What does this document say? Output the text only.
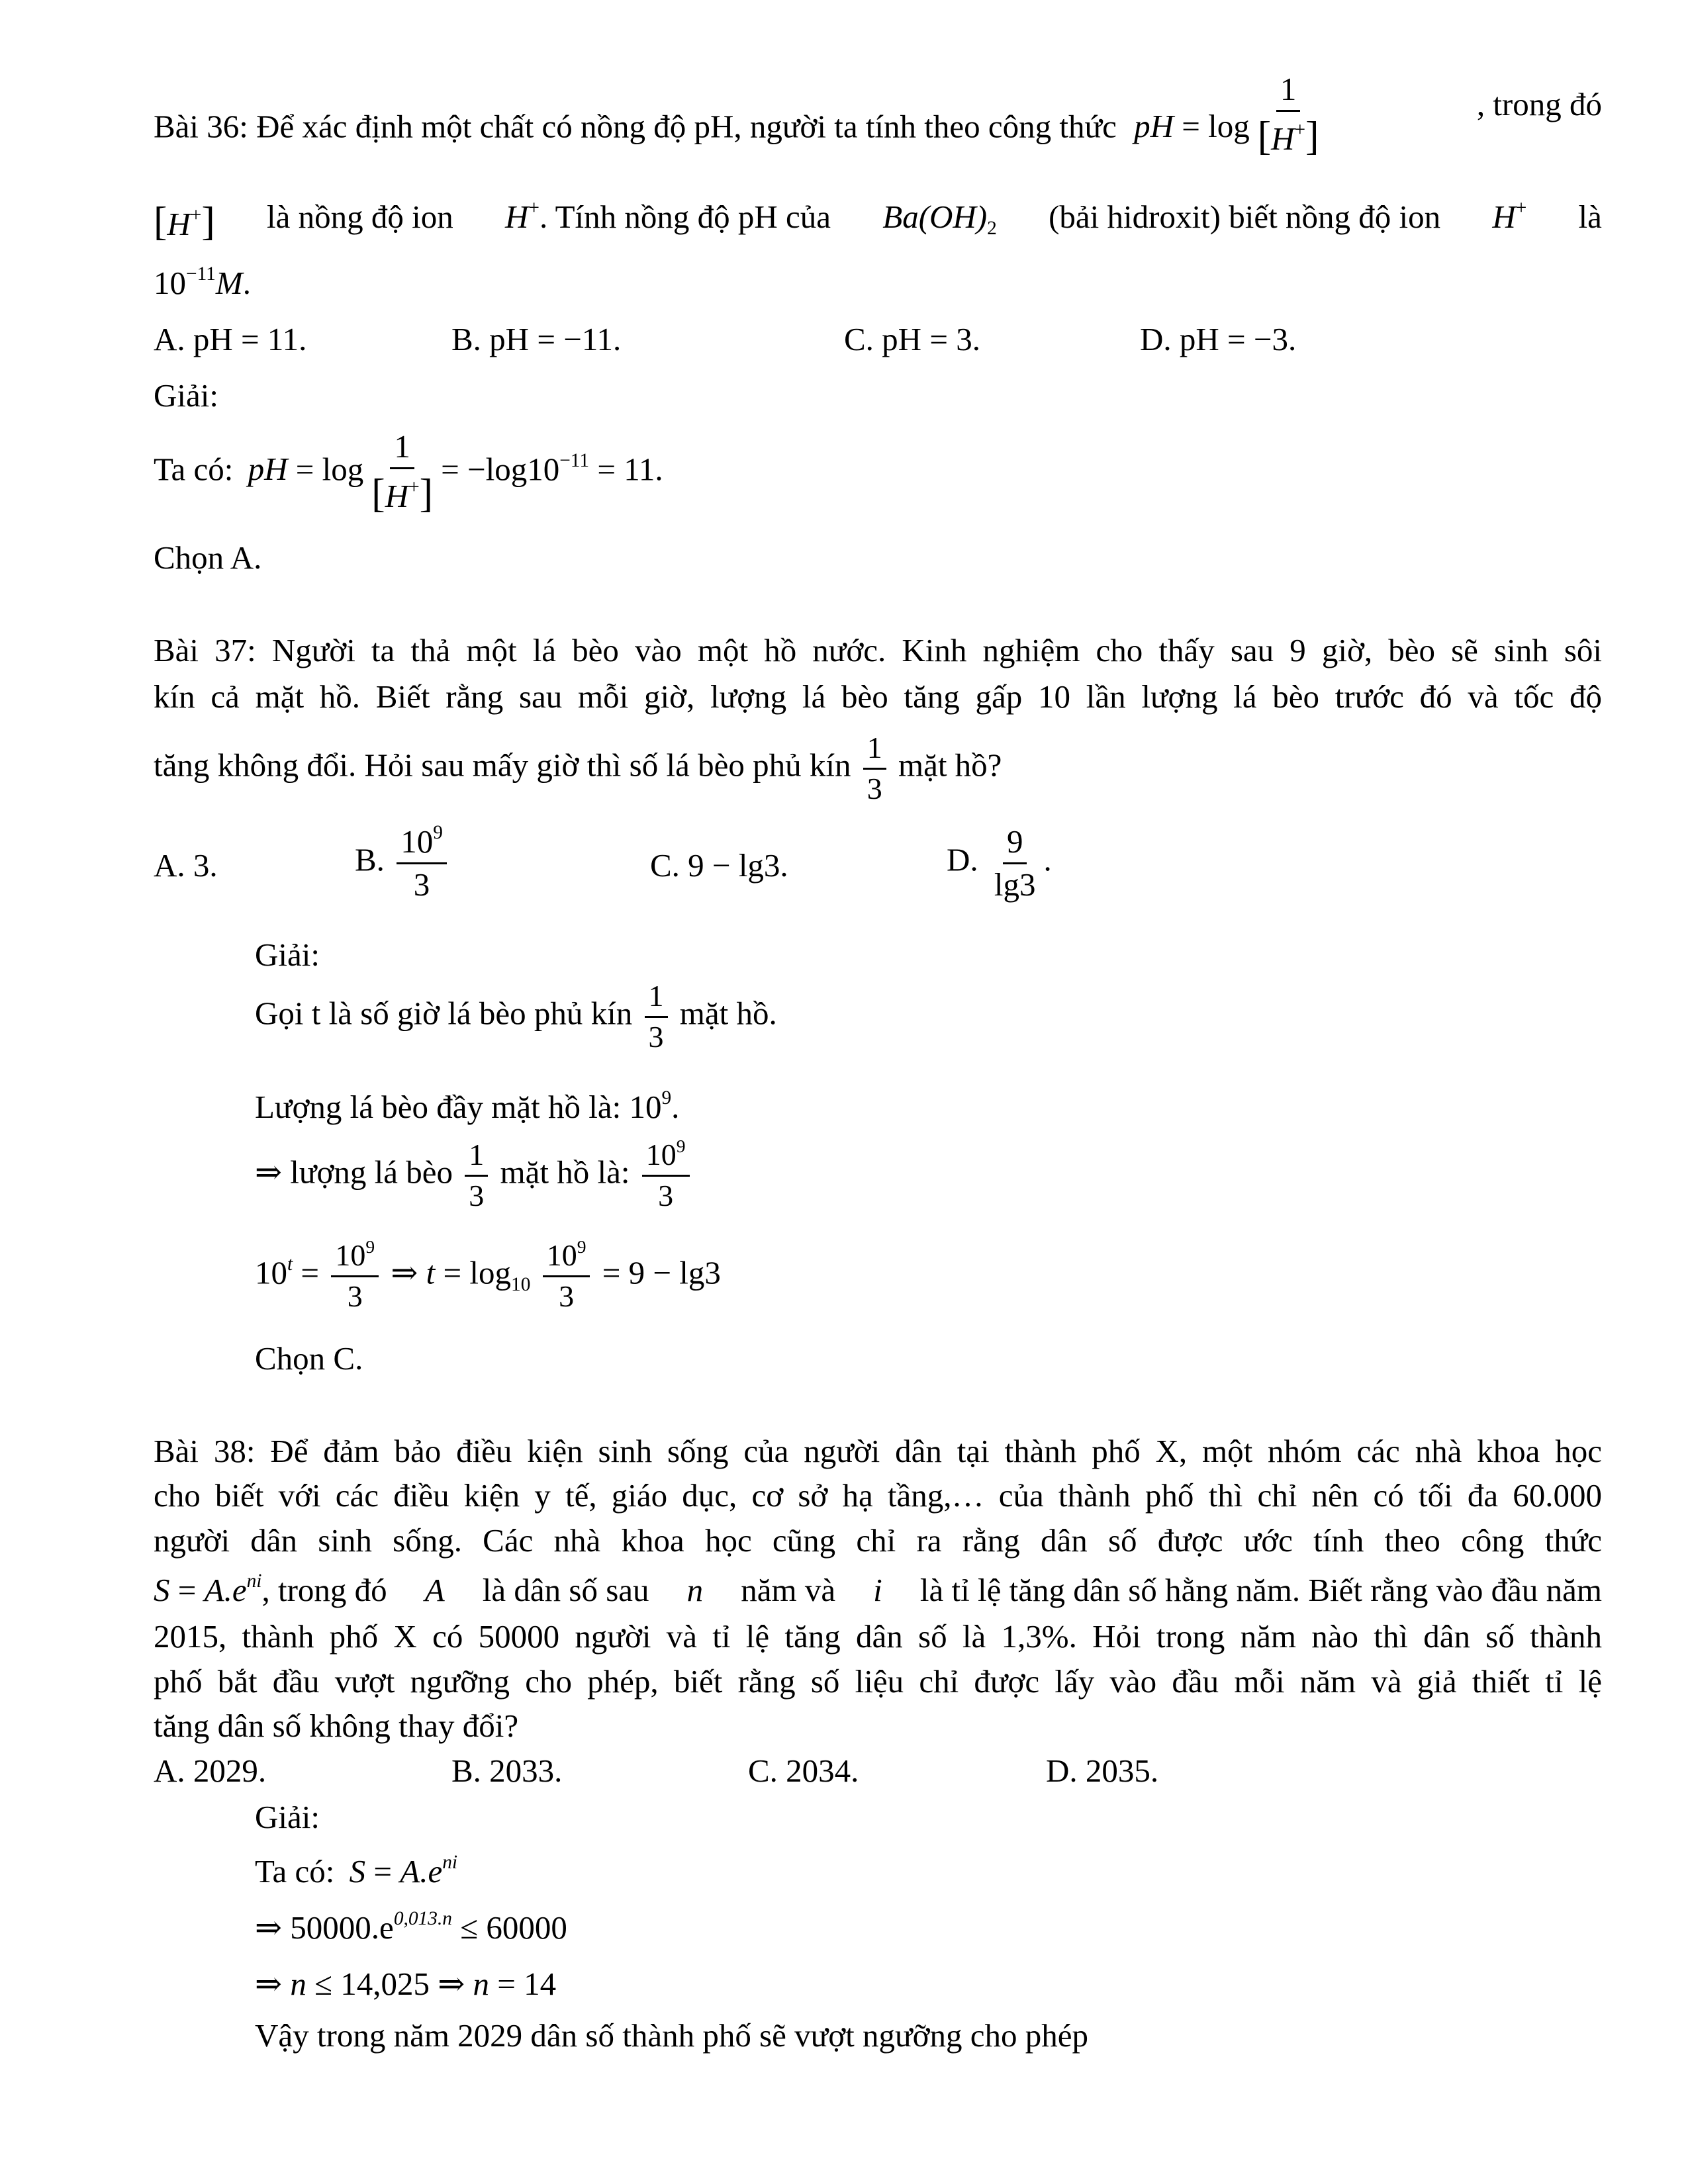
Bài 36: Để xác định một chất có nồng độ pH, người ta tính theo công thức pH = $\log \frac{1}{[H^+]}$	, trong đó
[H+] là nồng độ ion H+. Tính nồng độ pH của $Ba(OH)_2$ (bải hidroxit) biết nồng độ ion H+ là
$10^{-11}M$.
A. pH = 11.	B. pH = −11.	C. pH = 3.	D. pH = −3.
Giải:
Ta có: pH = $\log \frac{1}{[H^+]} = -\log 10^{-11} = 11$.
Chọn A.
Bài 37: Người ta thả một lá bèo vào một hồ nước. Kinh nghiệm cho thấy sau 9 giờ, bèo sẽ sinh sôi
kín cả mặt hồ. Biết rằng sau mỗi giờ, lượng lá bèo tăng gấp 10 lần lượng lá bèo trước đó và tốc độ
tăng không đổi. Hỏi sau mấy giờ thì số lá bèo phủ kín $\frac{1}{3}$ mặt hồ?
A. 3.	B. $\frac{10^9}{3}$	C. 9 − lg3.	D. $\frac{9}{\lg 3}$ .
Giải:
Gọi t là số giờ lá bèo phủ kín $\frac{1}{3}$ mặt hồ.
Lượng lá bèo đầy mặt hồ là: $10^9$.
⇒ lượng lá bèo $\frac{1}{3}$ mặt hồ là: $\frac{10^9}{3}$
$10^t = \frac{10^9}{3}$ ⇒ $t = \log_{10} \frac{10^9}{3} = 9 - \lg 3$
Chọn C.
Bài 38: Để đảm bảo điều kiện sinh sống của người dân tại thành phố X, một nhóm các nhà khoa học
cho biết với các điều kiện y tế, giáo dục, cơ sở hạ tầng,… của thành phố thì chỉ nên có tối đa 60.000
người dân sinh sống. Các nhà khoa học cũng chỉ ra rằng dân số được ước tính theo công thức
$S = A.e^{ni}$, trong đó A là dân số sau n năm và i là tỉ lệ tăng dân số hằng năm. Biết rằng vào đầu năm
2015, thành phố X có 50000 người và tỉ lệ tăng dân số là 1,3%. Hỏi trong năm nào thì dân số thành
phố bắt đầu vượt ngưỡng cho phép, biết rằng số liệu chỉ được lấy vào đầu mỗi năm và giả thiết tỉ lệ
tăng dân số không thay đổi?
A. 2029.	B. 2033.	C. 2034.	D. 2035.
Giải:
Ta có: $S = A.e^{ni}$
⇒ $50000.e^{0,013.n} \le 60000$
⇒ n ≤ 14,025 ⇒ n = 14
Vậy trong năm 2029 dân số thành phố sẽ vượt ngưỡng cho phép
